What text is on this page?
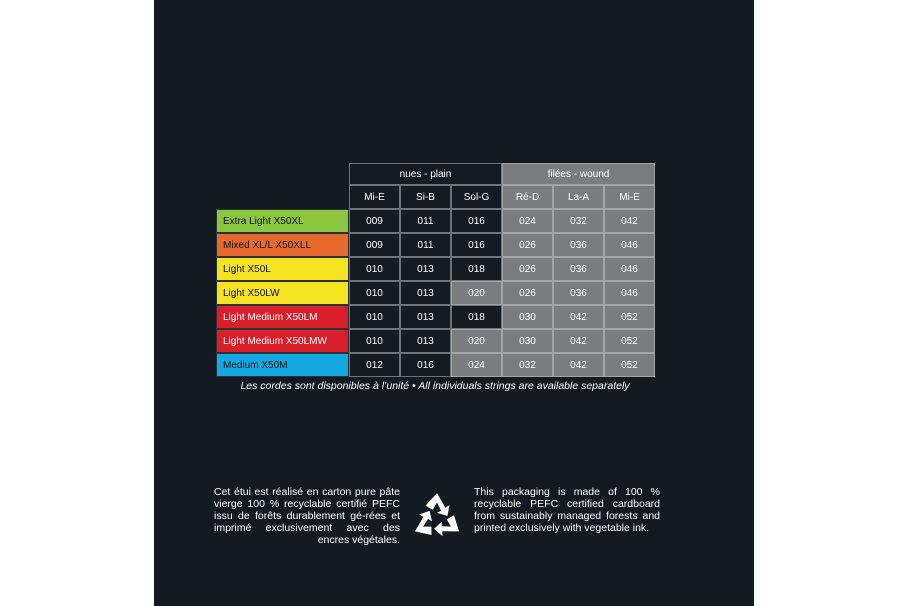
nues - plain	filées - wound
Mi-E	Si-B	Sol-G	Ré-D	La-A	Mi-E
Extra Light X50XL	009	011	016	024	032	042
Mixed XL/L X50XLL	009	011	016	026	036	046
Light X50L	010	013	018	026	036	046
Light X50LW	010	013	020	026	036	046
Light Medium X50LM	010	013	018	030	042	052
Light Medium X50LMW	010	013	020	030	042	052
Medium X50M	012	016	024	032	042	052
Les cordes sont disponibles à l’unité • All individuals strings are available separately
Cet étui est réalisé en carton pure pâte vierge 100 % recyclable certifié PEFC issu de forêts durablement gé-rées et imprimé exclusivement avec des encres végétales.
This packaging is made of 100 % recyclable PEFC certified cardboard from sustainably managed forests and printed exclusively with vegetable ink.
